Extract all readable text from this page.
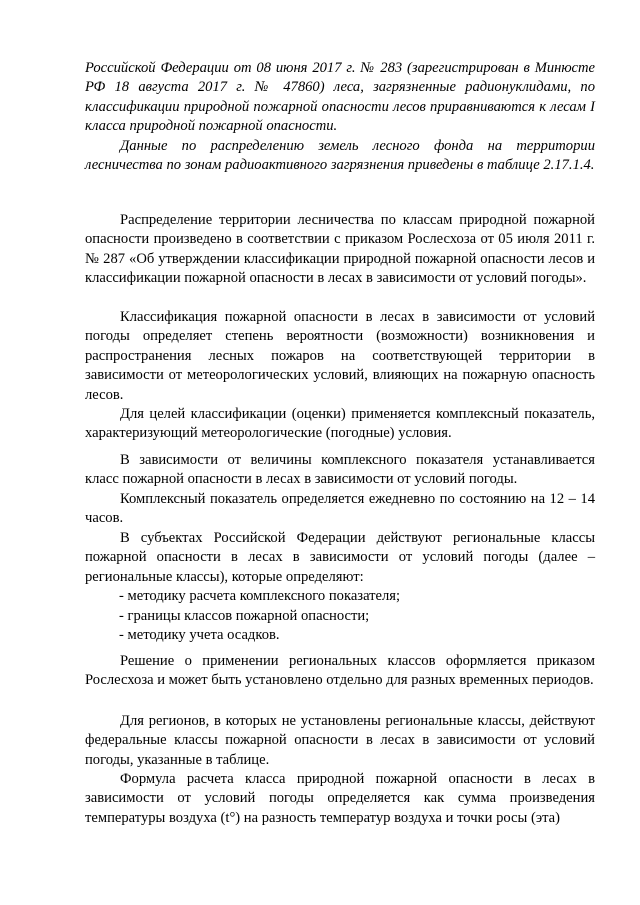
Российской Федерации от 08 июня 2017 г. № 283 (зарегистрирован в Минюсте РФ 18 августа 2017 г. № 47860) леса, загрязненные радионуклидами, по классификации природной пожарной опасности лесов приравниваются к лесам I класса природной пожарной опасности.

Данные по распределению земель лесного фонда на территории лесничества по зонам радиоактивного загрязнения приведены в таблице 2.17.1.4.

Распределение территории лесничества по классам природной пожарной опасности произведено в соответствии с приказом Рослесхоза от 05 июля 2011 г. № 287 «Об утверждении классификации природной пожарной опасности лесов и классификации пожарной опасности в лесах в зависимости от условий погоды».

Классификация пожарной опасности в лесах в зависимости от условий погоды определяет степень вероятности (возможности) возникновения и распространения лесных пожаров на соответствующей территории в зависимости от метеорологических условий, влияющих на пожарную опасность лесов.

Для целей классификации (оценки) применяется комплексный показатель, характеризующий метеорологические (погодные) условия.

В зависимости от величины комплексного показателя устанавливается класс пожарной опасности в лесах в зависимости от условий погоды.

Комплексный показатель определяется ежедневно по состоянию на 12 – 14 часов.

В субъектах Российской Федерации действуют региональные классы пожарной опасности в лесах в зависимости от условий погоды (далее – региональные классы), которые определяют:

- методику расчета комплексного показателя;
- границы классов пожарной опасности;
- методику учета осадков.

Решение о применении региональных классов оформляется приказом Рослесхоза и может быть установлено отдельно для разных временных периодов.

Для регионов, в которых не установлены региональные классы, действуют федеральные классы пожарной опасности в лесах в зависимости от условий погоды, указанные в таблице.

Формула расчета класса природной пожарной опасности в лесах в зависимости от условий погоды определяется как сумма произведения температуры воздуха (t°) на разность температур воздуха и точки росы (эта)
